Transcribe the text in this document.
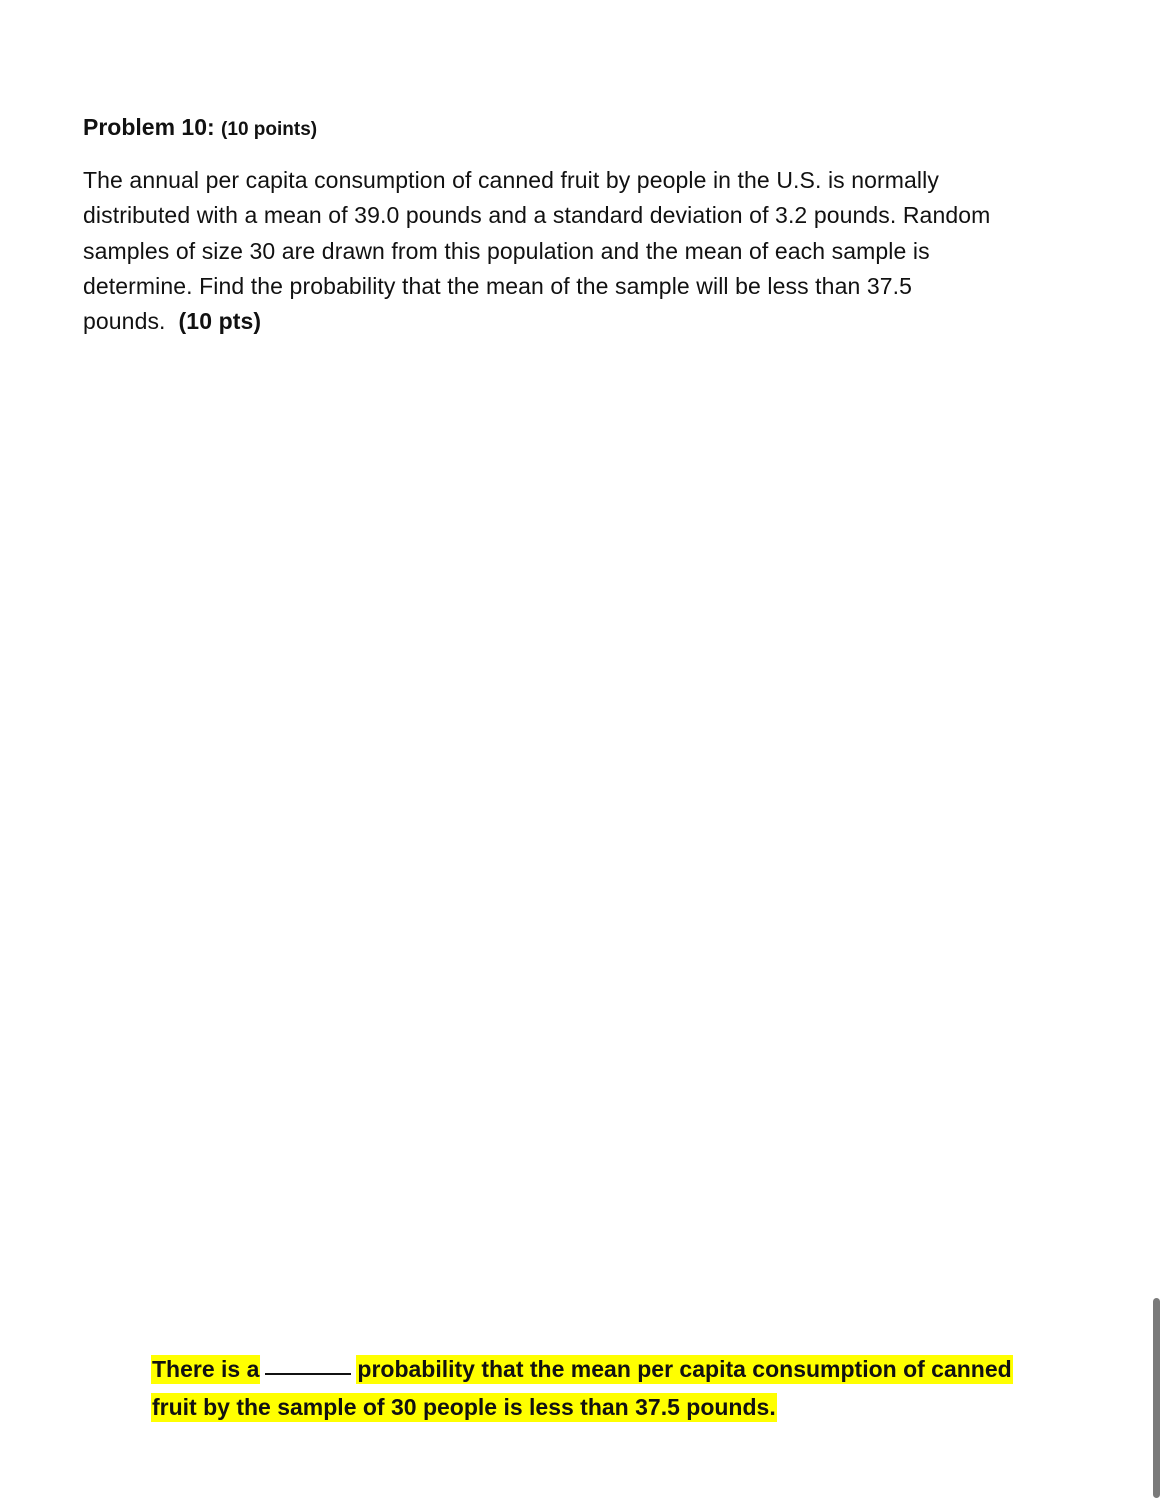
Problem 10: (10 points)
The annual per capita consumption of canned fruit by people in the U.S. is normally
distributed with a mean of 39.0 pounds and a standard deviation of 3.2 pounds. Random
samples of size 30 are drawn from this population and the mean of each sample is
determine. Find the probability that the mean of the sample will be less than 37.5
pounds. (10 pts)
There is a	probability that the mean per capita consumption of canned
fruit by the sample of 30 people is less than 37.5 pounds.
